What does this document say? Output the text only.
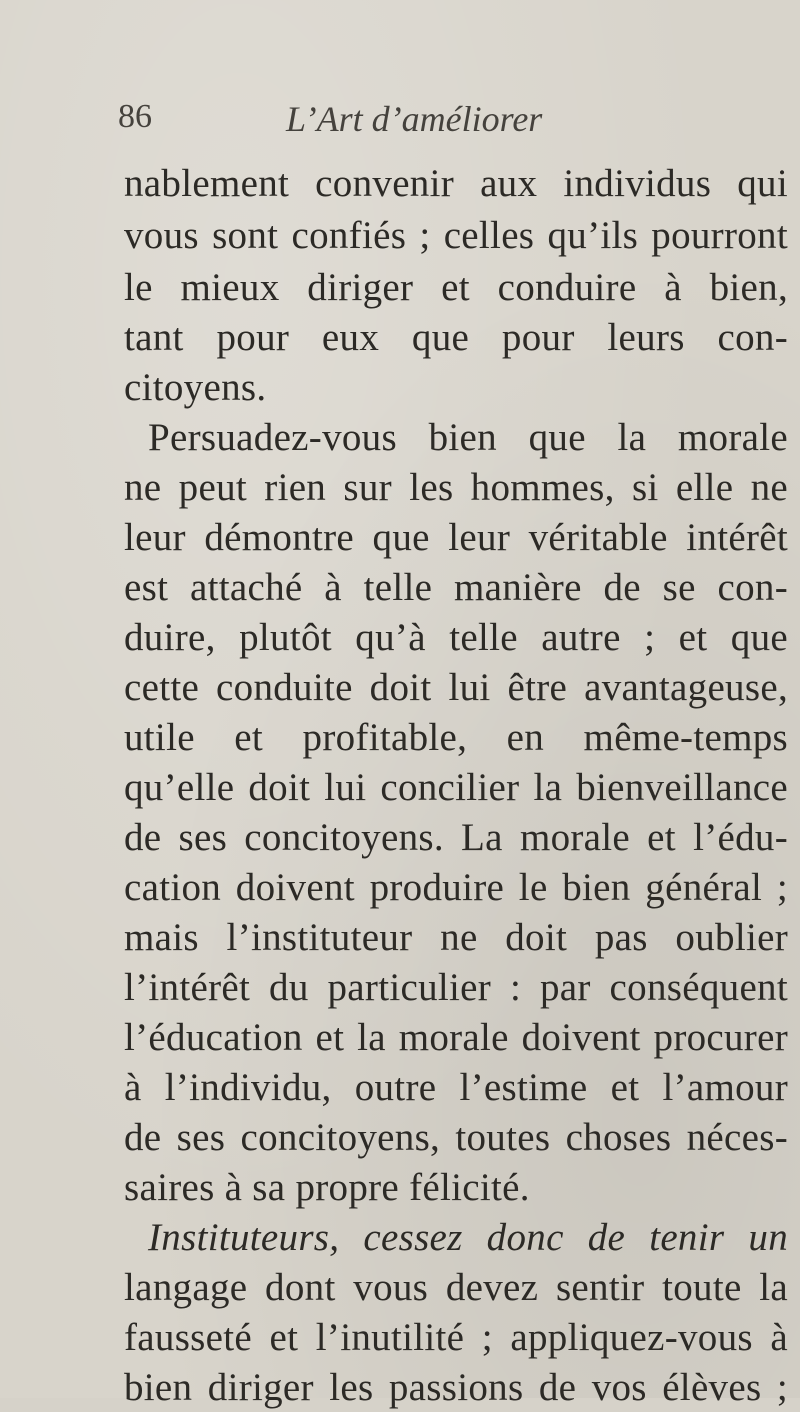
86	L’Art d’améliorer
nablement convenir aux individus qui
vous sont confiés ; celles qu’ils pourront
le mieux diriger et conduire à bien,
tant pour eux que pour leurs con-
citoyens.
Persuadez-vous bien que la morale
ne peut rien sur les hommes, si elle ne
leur démontre que leur véritable intérêt
est attaché à telle manière de se con-
duire, plutôt qu’à telle autre ; et que
cette conduite doit lui être avantageuse,
utile et profitable, en même-temps
qu’elle doit lui concilier la bienveillance
de ses concitoyens. La morale et l’édu-
cation doivent produire le bien général ;
mais l’instituteur ne doit pas oublier
l’intérêt du particulier : par conséquent
l’éducation et la morale doivent procurer
à l’individu, outre l’estime et l’amour
de ses concitoyens, toutes choses néces-
saires à sa propre félicité.
Instituteurs, cessez donc de tenir un
langage dont vous devez sentir toute la
fausseté et l’inutilité ; appliquez-vous à
bien diriger les passions de vos élèves ;
